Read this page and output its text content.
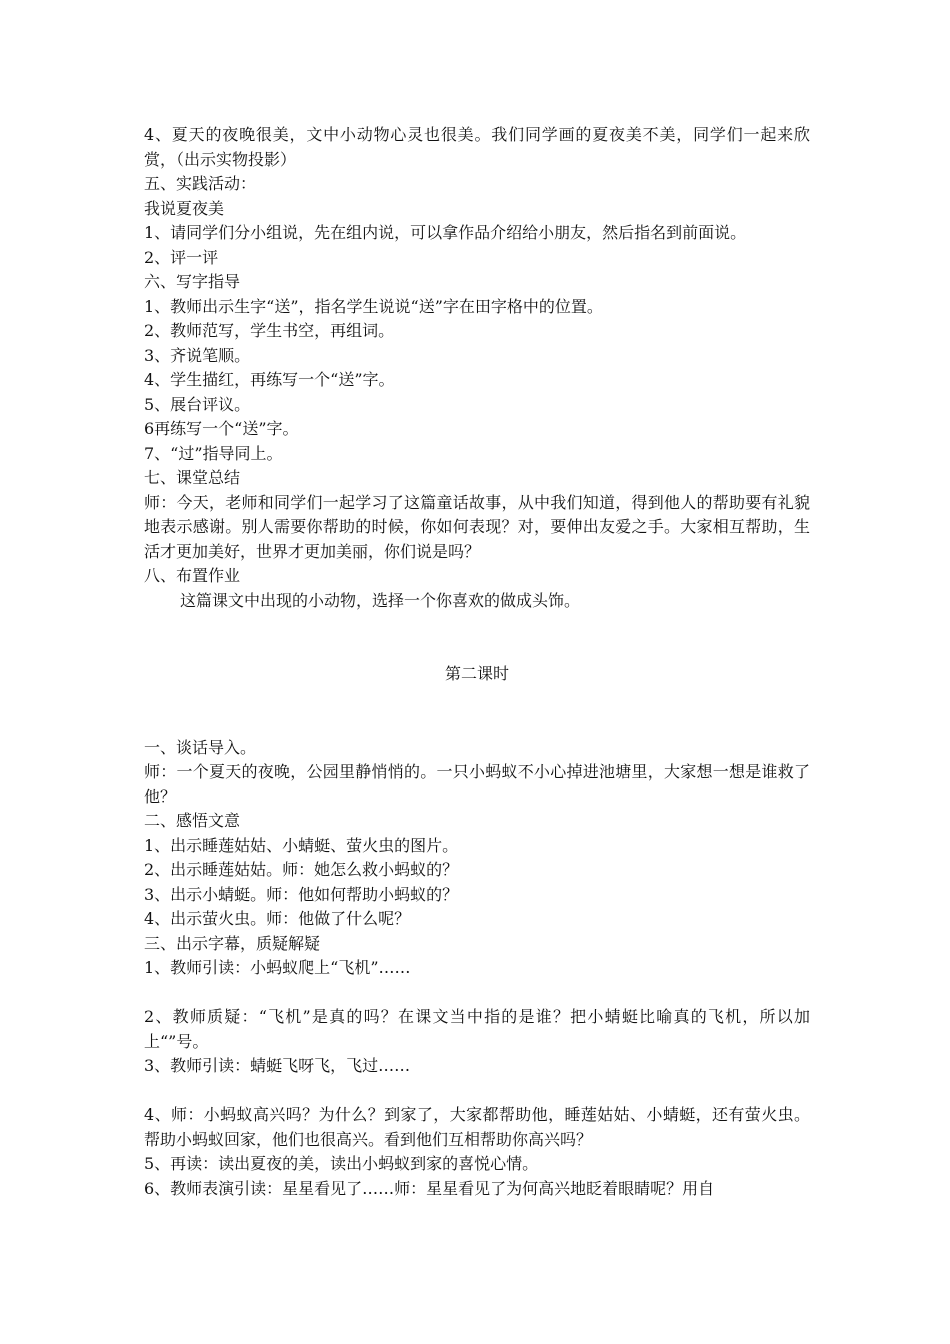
4、夏天的夜晚很美，文中小动物心灵也很美。我们同学画的夏夜美不美，同学们一起来欣赏，（出示实物投影）

五、实践活动：

我说夏夜美

1、请同学们分小组说，先在组内说，可以拿作品介绍给小朋友，然后指名到前面说。

2、评一评

六、写字指导

1、教师出示生字“送”，指名学生说说“送”字在田字格中的位置。

2、教师范写，学生书空，再组词。

3、齐说笔顺。

4、学生描红，再练写一个“送”字。

5、展台评议。

6再练写一个“送”字。

7、“过”指导同上。

七、课堂总结

师：今天，老师和同学们一起学习了这篇童话故事，从中我们知道，得到他人的帮助要有礼貌地表示感谢。别人需要你帮助的时候，你如何表现？对，要伸出友爱之手。大家相互帮助，生活才更加美好，世界才更加美丽，你们说是吗？

八、布置作业

这篇课文中出现的小动物，选择一个你喜欢的做成头饰。

第二课时

一、谈话导入。

师：一个夏天的夜晚，公园里静悄悄的。一只小蚂蚁不小心掉进池塘里，大家想一想是谁救了他？

二、感悟文意

1、出示睡莲姑姑、小蜻蜓、萤火虫的图片。

2、出示睡莲姑姑。师：她怎么救小蚂蚁的？

3、出示小蜻蜓。师：他如何帮助小蚂蚁的？

4、出示萤火虫。师：他做了什么呢？

三、出示字幕，质疑解疑

1、教师引读：小蚂蚁爬上“飞机”……

2、教师质疑：“飞机”是真的吗？在课文当中指的是谁？把小蜻蜓比喻真的飞机，所以加上“”号。

3、教师引读：蜻蜓飞呀飞，飞过……

4、师：小蚂蚁高兴吗？为什么？到家了，大家都帮助他，睡莲姑姑、小蜻蜓，还有萤火虫。帮助小蚂蚁回家，他们也很高兴。看到他们互相帮助你高兴吗？

5、再读：读出夏夜的美，读出小蚂蚁到家的喜悦心情。

6、教师表演引读：星星看见了……师：星星看见了为何高兴地眨着眼睛呢？用自
